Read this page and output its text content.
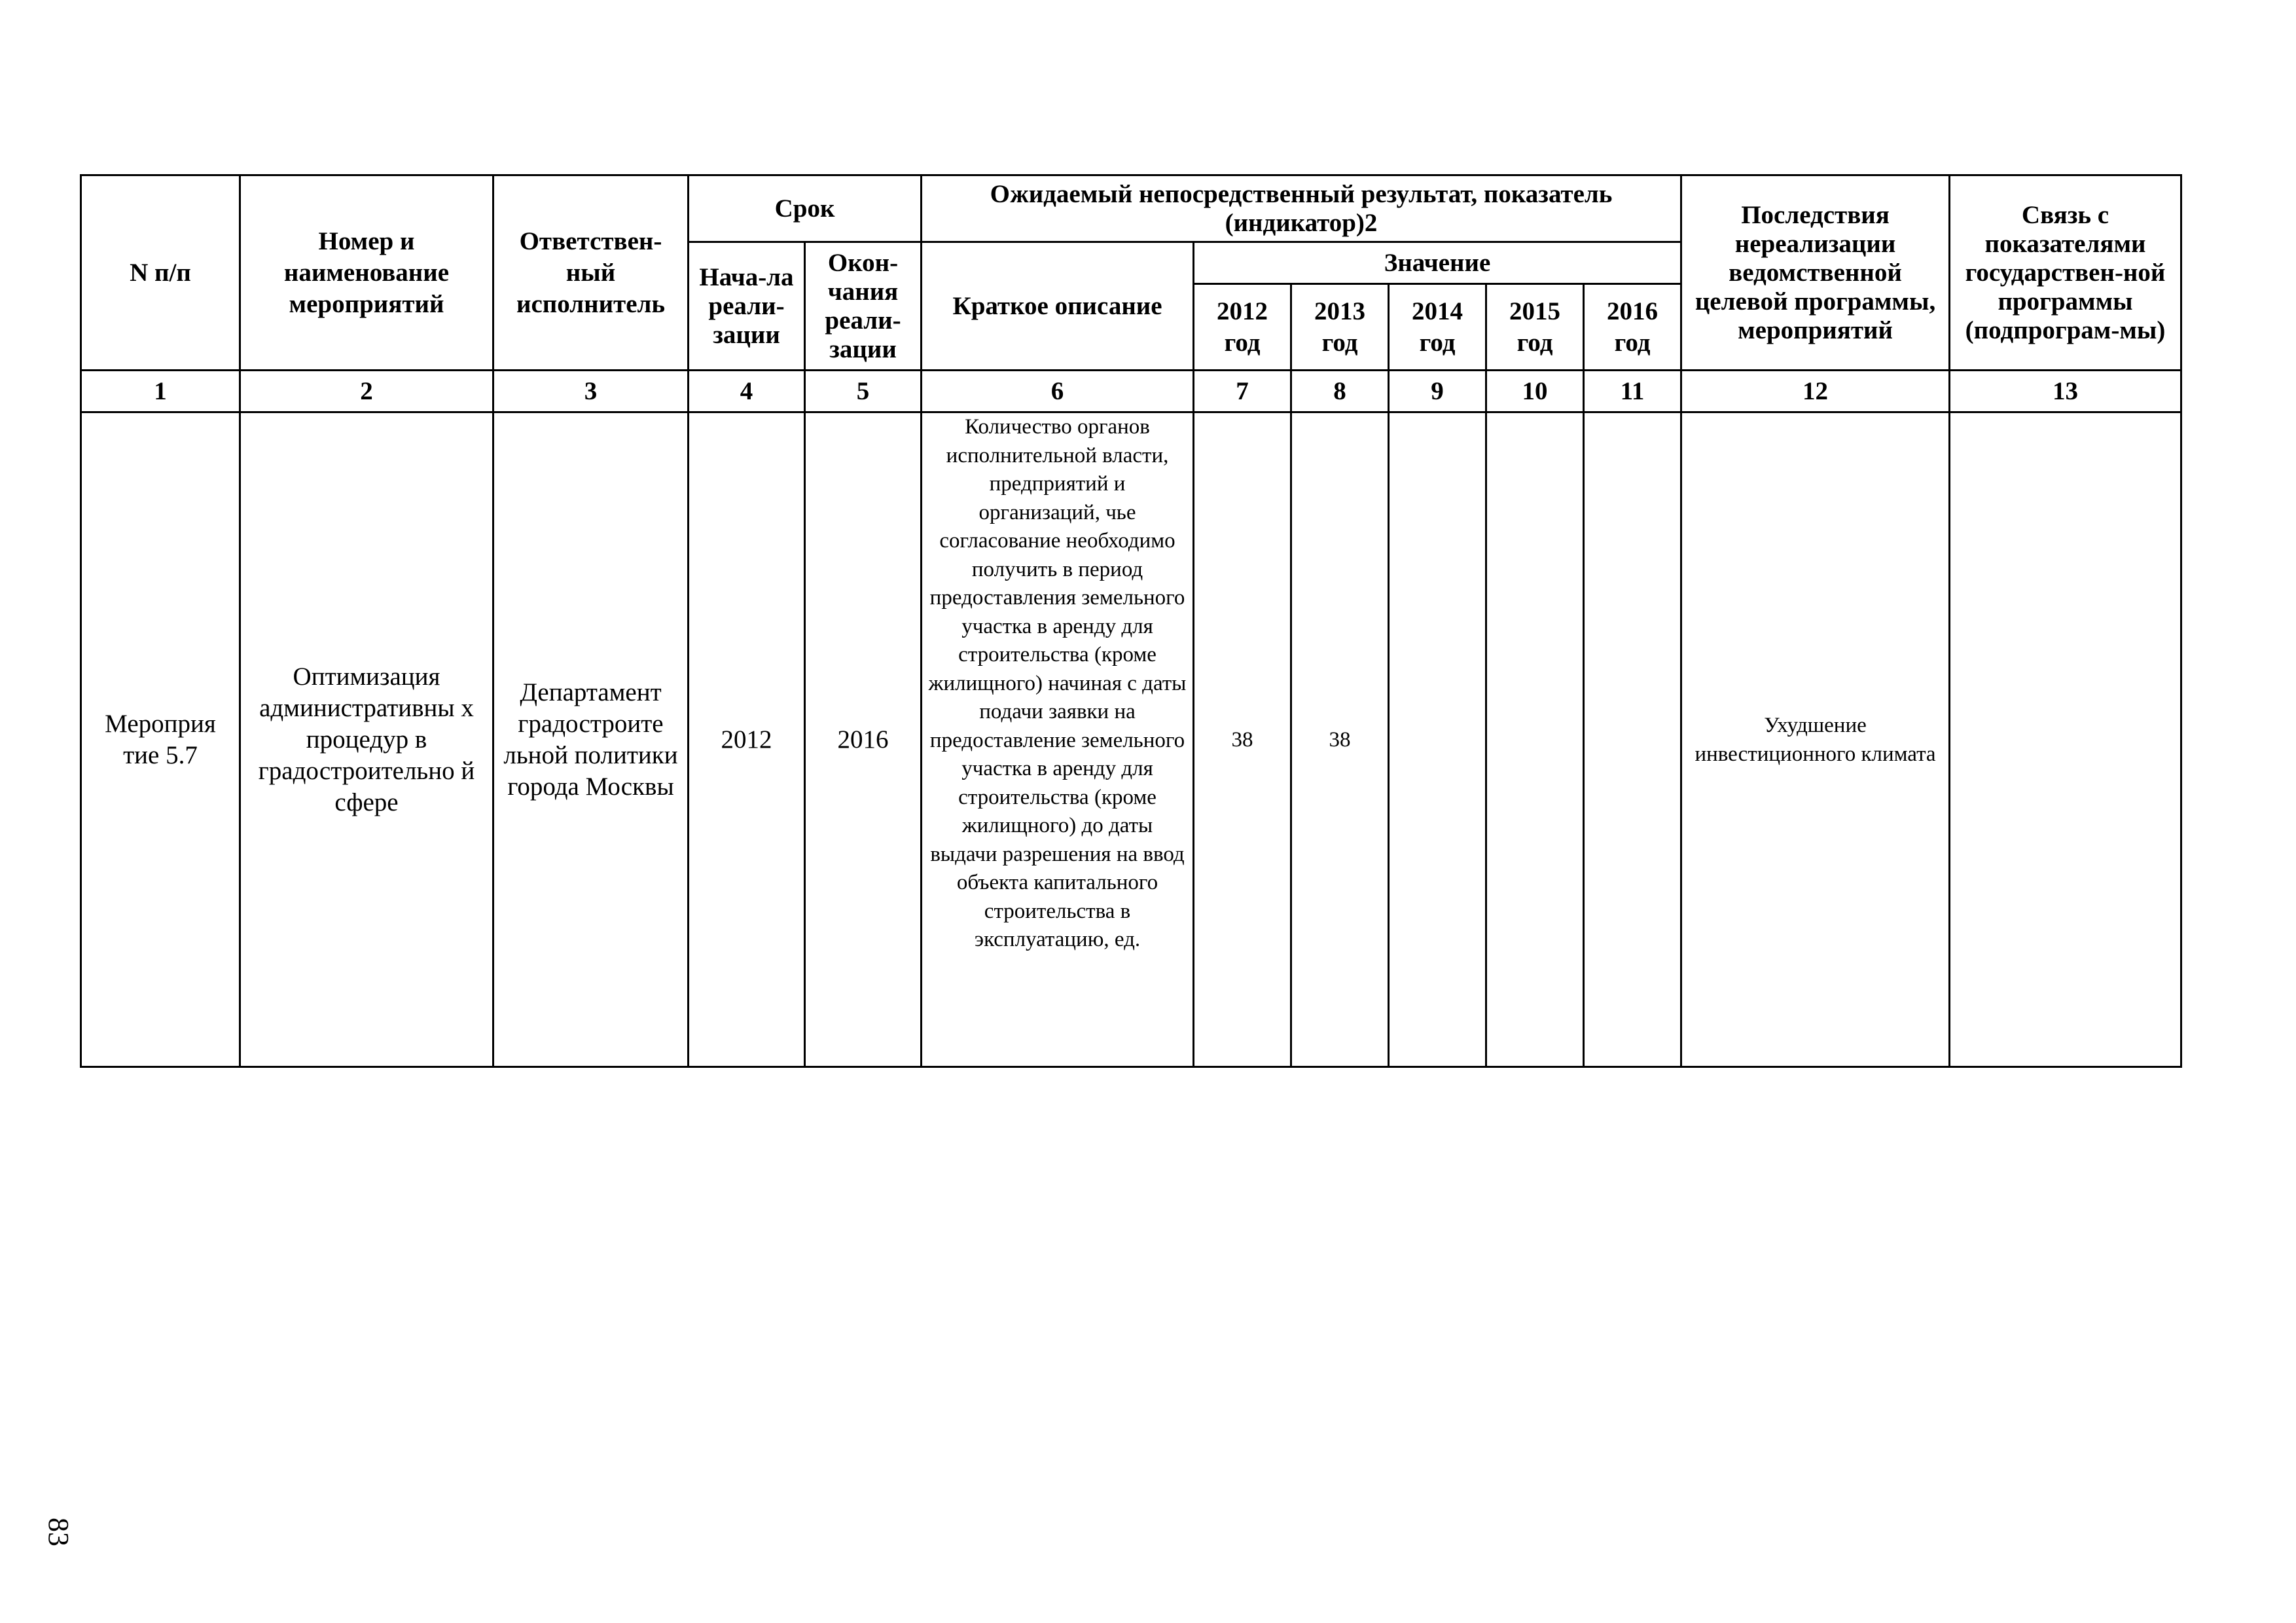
N п/п	Номер и наименование мероприятий	Ответствен-ный исполнитель	Срок		Ожидаемый непосредственный результат, показатель (индикатор)2						Последствия нереализации ведомственной целевой программы, мероприятий	Связь с показателями государствен-ной программы (подпрограм-мы)
			Нача-ла реали-зации	Окон-чания реали-зации	Краткое описание	Значение						
						2012 год	2013 год	2014 год	2015 год	2016 год		
1	2	3	4	5	6	7	8	9	10	11	12	13
Мероприя тие 5.7	Оптимизация административны х процедур в градостроительно й сфере	Департамент градостроите льной политики города Москвы	2012	2016	Количество органов исполнительной власти, предприятий и организаций, чье согласование необходимо получить в период предоставления земельного участка в аренду для строительства (кроме жилищного) начиная с даты подачи заявки на предоставление земельного участка в аренду для строительства (кроме жилищного) до даты выдачи разрешения на ввод объекта капитального строительства в эксплуатацию, ед.	38	38				Ухудшение инвестиционного климата	
83
